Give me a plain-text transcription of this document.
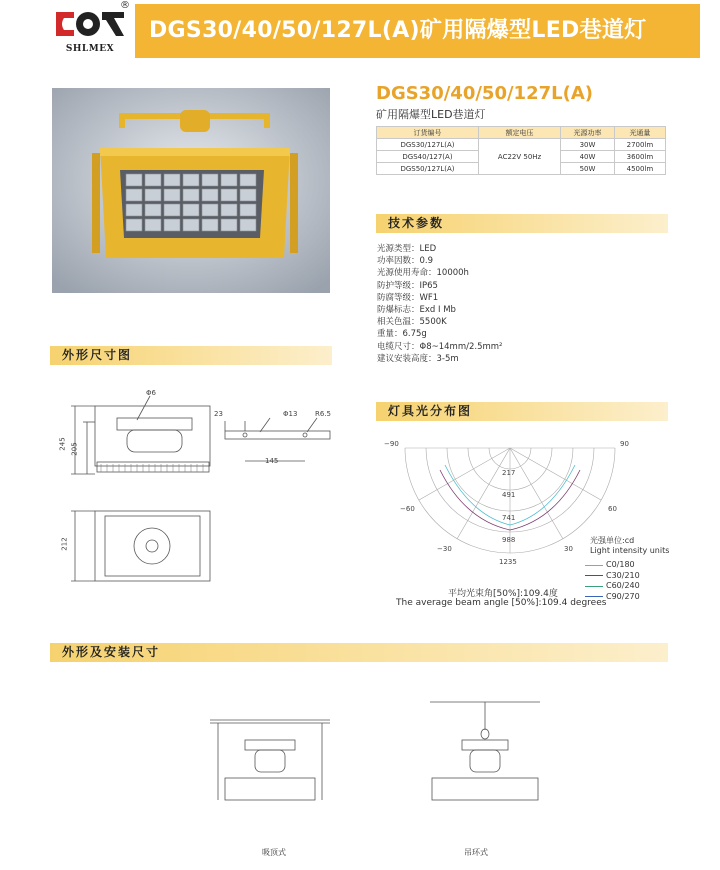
SHLMEX
®
DGS30/40/50/127L(A)矿用隔爆型LED巷道灯
DGS30/40/50/127L(A)
矿用隔爆型LED巷道灯
订货编号	额定电压	光源功率	光通量
DGS30/127L(A)	AC22V 50Hz	30W	2700lm
DGS40/127(A)		40W	3600lm
DGS50/127L(A)		50W	4500lm
技术参数
光源类型：LED
功率因数：0.9
光源使用寿命：10000h
防护等级：IP65
防腐等级：WF1
防爆标志：Exd I Mb
相关色温：5500K
重量：6.75g
电缆尺寸：Φ8~14mm/2.5mm²
建议安装高度：3-5m
外形尺寸图
Φ6
245 205
212
23	Φ13	R6.5
145
灯具光分布图
−90	90
−60	60
−30	30
217
491
741
988
1235
光强单位:cd
Light intensity units
C0/180
C30/210
C60/240
C90/270
平均光束角[50%]:109.4度
The average beam angle [50%]:109.4 degrees
外形及安装尺寸
吸顶式	吊环式
